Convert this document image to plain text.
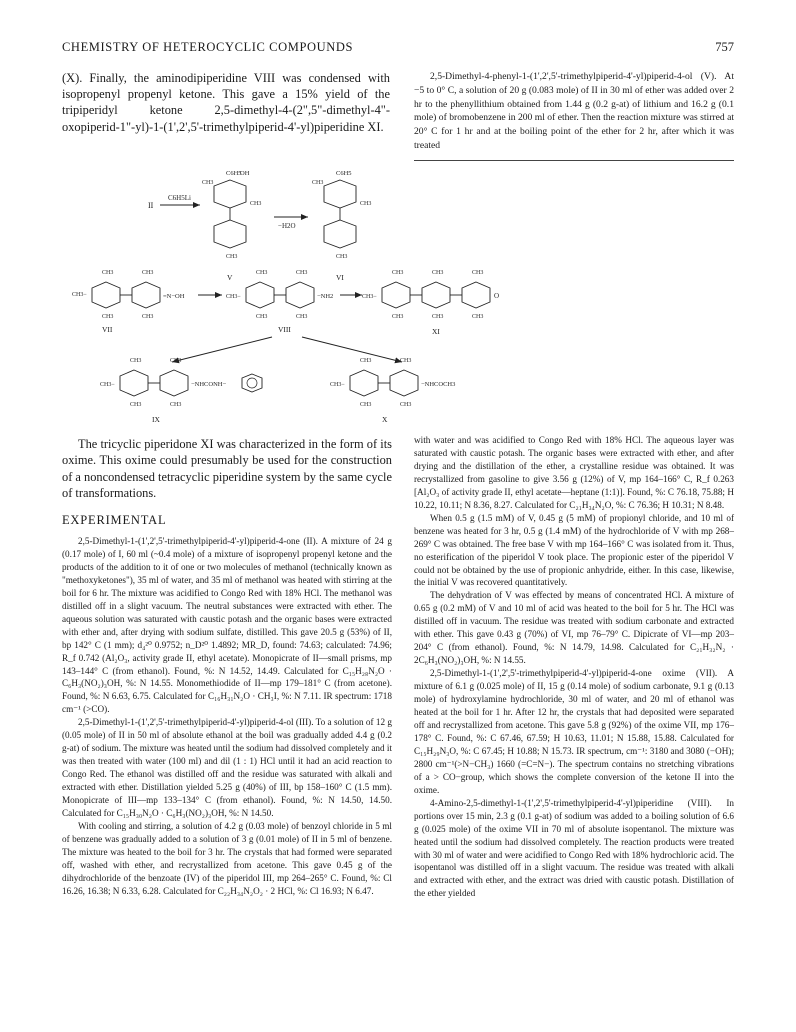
CHEMISTRY OF HETEROCYCLIC COMPOUNDS	757

(X). Finally, the aminodipiperidine VIII was condensed with isopropenyl propenyl ketone. This gave a 15% yield of the tripiperidyl ketone 2,5-dimethyl-4-(2",5"-dimethyl-4"-oxopiperid-1"-yl)-1-(1',2',5'-trimethylpiperid-4'-yl)piperidine XI.

2,5-Dimethyl-4-phenyl-1-(1',2',5'-trimethylpiperid-4'-yl)piperid-4-ol (V). At −5 to 0° C, a solution of 20 g (0.083 mole) of II in 30 ml of ether was added over 2 hr to the phenyllithium obtained from 1.44 g (0.2 g-at) of lithium and 16.2 g (0.1 mole) of bromobenzene in 200 ml of ether. Then the reaction mixture was stirred at 20° C for 1 hr and at the boiling point of the ether for 2 hr, after which it was treated

II
C6H5Li
C6H5
OH
CH3
CH3
CH3
V
−H2O
C6H5
CH3
CH3
CH3
VI
CH3−
CH3	CH3
CH3	CH3
=N−OH
VII
CH3−
CH3	CH3
CH3	CH3
−NH2
VIII
CH3−
CH3	CH3	CH3
CH3	CH3	CH3
O
XI
CH3−
CH3	CH3
CH3	CH3
−NHCONH−
IX
CH3−
CH3	CH3
CH3	CH3
−NHCOCH3
X

The tricyclic piperidone XI was characterized in the form of its oxime. This oxime could presumably be used for the construction of a noncondensed tetracyclic piperidine system by the same cycle of transformations.

EXPERIMENTAL

2,5-Dimethyl-1-(1',2',5'-trimethylpiperid-4'-yl)piperid-4-one (II). A mixture of 24 g (0.17 mole) of I, 60 ml (~0.4 mole) of a mixture of isopropenyl propenyl ketone and the products of the addition to it of one or two molecules of methanol (technically known as "methoxyketones"), 35 ml of water, and 35 ml of methanol was heated with stirring at the boil for 6 hr. The mixture was acidified to Congo Red with 18% HCl. The methanol was distilled off in a slight vacuum. The neutral substances were extracted with ether. The aqueous solution was saturated with caustic potash and the organic bases were extracted with ether and, after drying with sodium sulfate, distilled. This gave 20.5 g (53%) of II, bp 142° C (1 mm); d₄²⁰ 0.9752; n_D²⁰ 1.4892; MR_D, found: 74.63; calculated: 74.96; R_f 0.742 (Al₂O₃, activity grade II, ethyl acetate). Monopicrate of II—small prisms, mp 143–144° C (from ethanol). Found, %: N 14.52, 14.49. Calculated for C₁₅H₂₈N₂O · C₆H₃(NO₂)₃OH, %: N 14.55. Monomethiodide of II—mp 179–181° C (from acetone). Found, %: N 6.63, 6.75. Calculated for C₁₆H₃₁N₂O · CH₃I, %: N 7.11. IR spectrum: 1718 cm⁻¹ (>CO).

2,5-Dimethyl-1-(1',2',5'-trimethylpiperid-4'-yl)piperid-4-ol (III). To a solution of 12 g (0.05 mole) of II in 50 ml of absolute ethanol at the boil was gradually added 4.4 g (0.2 g-at) of sodium. The mixture was heated until the sodium had dissolved completely and it was then treated with water (100 ml) and dil (1 : 1) HCl until it had an acid reaction to Congo Red. The ethanol was distilled off and the residue was saturated with alkali and extracted with ether. Distillation yielded 5.25 g (40%) of III, bp 158–160° C (1.5 mm). Monopicrate of III—mp 133–134° C (from ethanol). Found, %: N 14.50, 14.50. Calculated for C₁₅H₃₀N₂O · C₆H₃(NO₂)₃OH, %: N 14.50.

With cooling and stirring, a solution of 4.2 g (0.03 mole) of benzoyl chloride in 5 ml of benzene was gradually added to a solution of 3 g (0.01 mole) of II in 5 ml of benzene. The mixture was heated to the boil for 3 hr. The crystals that had formed were separated off, washed with ether, and recrystallized from acetone. This gave 0.45 g of the dihydrochloride of the benzoate (IV) of the piperidol III, mp 264–265° C. Found, %: Cl 16.26, 16.38; N 6.33, 6.28. Calculated for C₂₂H₃₄N₂O₂ · 2 HCl, %: Cl 16.93; N 6.47.

with water and was acidified to Congo Red with 18% HCl. The aqueous layer was saturated with caustic potash. The organic bases were extracted with ether, and after drying and the distillation of the ether, a crystalline residue was obtained. It was recrystallized from gasoline to give 3.56 g (12%) of V, mp 164–166° C, R_f 0.263 [Al₂O₃ of activity grade II, ethyl acetate—heptane (1:1)]. Found, %: C 76.18, 75.88; H 10.22, 10.11; N 8.36, 8.27. Calculated for C₂₁H₃₄N₂O, %: C 76.36; H 10.31; N 8.48.

When 0.5 g (1.5 mM) of V, 0.45 g (5 mM) of propionyl chloride, and 10 ml of benzene was heated for 3 hr, 0.5 g (1.4 mM) of the hydrochloride of V with mp 268–269° C was obtained. The free base V with mp 164–166° C was isolated from it. Thus, no esterification of the piperidol V took place. The propionic ester of the piperidol V could not be obtained by the use of propionic anhydride, either. In this case, likewise, the initial V was recovered quantitatively.

The dehydration of V was effected by means of concentrated HCl. A mixture of 0.65 g (0.2 mM) of V and 10 ml of acid was heated to the boil for 5 hr. The HCl was distilled off in vacuum. The residue was treated with sodium carbonate and extracted with ether. This gave 0.43 g (70%) of VI, mp 76–79° C. Dipicrate of VI—mp 203–204° C (from ethanol). Found, %: N 14.79, 14.98. Calculated for C₂₁H₃₂N₂ · 2C₆H₃(NO₂)₃OH, %: N 14.55.

2,5-Dimethyl-1-(1',2',5'-trimethylpiperid-4'-yl)piperid-4-one oxime (VII). A mixture of 6.1 g (0.025 mole) of II, 15 g (0.14 mole) of sodium carbonate, 9.1 g (0.13 mole) of hydroxylamine hydrochloride, 30 ml of water, and 20 ml of ethanol was heated at the boil for 1 hr. After 12 hr, the crystals that had deposited were separated off and recrystallized from acetone. This gave 5.8 g (92%) of the oxime VII, mp 176–178° C. Found, %: C 67.46, 67.59; H 10.63, 11.01; N 15.88, 15.88. Calculated for C₁₅H₂₉N₃O, %: C 67.45; H 10.88; N 15.73. IR spectrum, cm⁻¹: 3180 and 3080 (−OH); 2800 cm⁻¹(>N−CH₃) 1660 (=C=N−). The spectrum contains no stretching vibrations of a > CO−group, which shows the complete conversion of the ketone II into the oxime.

4-Amino-2,5-dimethyl-1-(1',2',5'-trimethylpiperid-4'-yl)piperidine (VIII). In portions over 15 min, 2.3 g (0.1 g-at) of sodium was added to a boiling solution of 6.6 g (0.025 mole) of the oxime VII in 70 ml of absolute isopentanol. The mixture was heated until the sodium had dissolved completely. The reaction products were treated with 30 ml of water and were acidified to Congo Red with 18% hydrochloric acid. The isopentanol was distilled off in a slight vacuum. The residue was treated with alkali and extracted with ether, and the extract was dried with caustic potash. Distillation of the ether yielded
